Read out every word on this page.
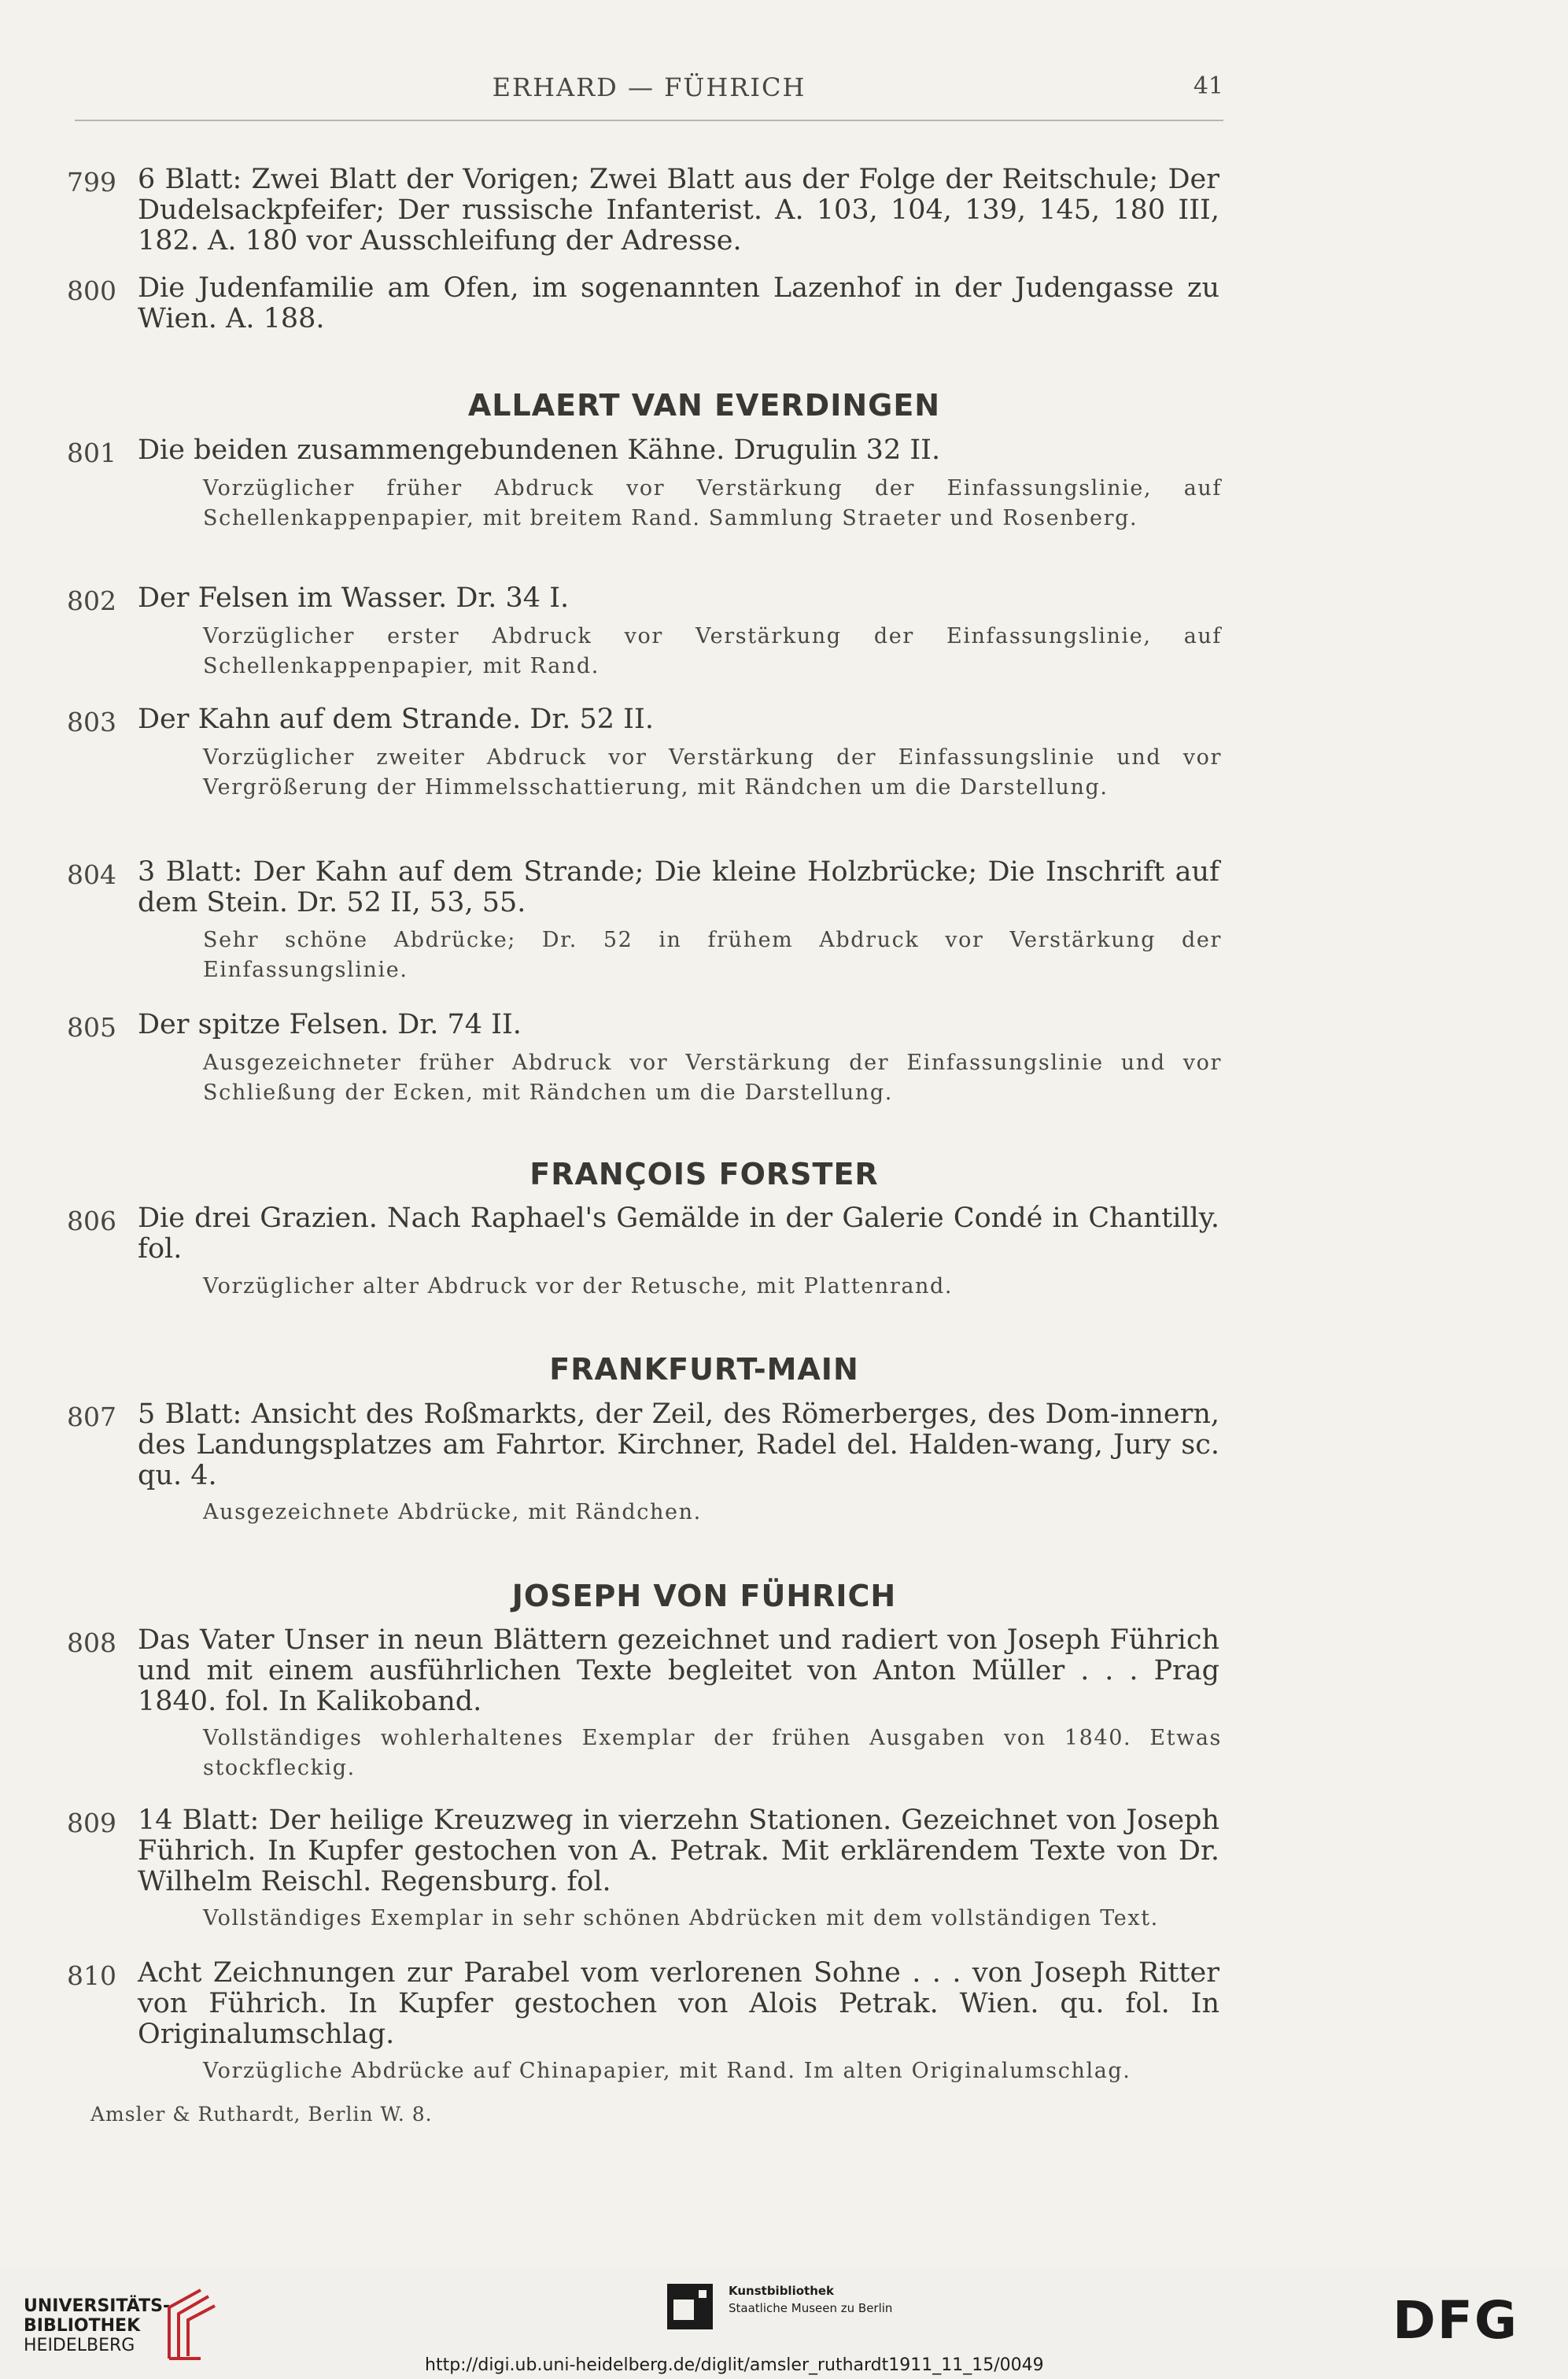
ERHARD — FÜHRICH	41
799 6 Blatt: Zwei Blatt der Vorigen; Zwei Blatt aus der Folge der Reitschule; Der Dudelsackpfeifer; Der russische Infanterist. A. 103, 104, 139, 145, 180 III, 182. A. 180 vor Ausschleifung der Adresse.
800 Die Judenfamilie am Ofen, im sogenannten Lazenhof in der Judengasse zu Wien. A. 188.
ALLAERT VAN EVERDINGEN
801 Die beiden zusammengebundenen Kähne. Drugulin 32 II.
Vorzüglicher früher Abdruck vor Verstärkung der Einfassungslinie, auf Schellenkappenpapier, mit breitem Rand. Sammlung Straeter und Rosenberg.
802 Der Felsen im Wasser. Dr. 34 I.
Vorzüglicher erster Abdruck vor Verstärkung der Einfassungslinie, auf Schellenkappenpapier, mit Rand.
803 Der Kahn auf dem Strande. Dr. 52 II.
Vorzüglicher zweiter Abdruck vor Verstärkung der Einfassungslinie und vor Vergrößerung der Himmelsschattierung, mit Rändchen um die Darstellung.
804 3 Blatt: Der Kahn auf dem Strande; Die kleine Holzbrücke; Die Inschrift auf dem Stein. Dr. 52 II, 53, 55.
Sehr schöne Abdrücke; Dr. 52 in frühem Abdruck vor Verstärkung der Einfassungslinie.
805 Der spitze Felsen. Dr. 74 II.
Ausgezeichneter früher Abdruck vor Verstärkung der Einfassungslinie und vor Schließung der Ecken, mit Rändchen um die Darstellung.
FRANÇOIS FORSTER
806 Die drei Grazien. Nach Raphael's Gemälde in der Galerie Condé in Chantilly. fol.
Vorzüglicher alter Abdruck vor der Retusche, mit Plattenrand.
FRANKFURT-MAIN
807 5 Blatt: Ansicht des Roßmarkts, der Zeil, des Römerberges, des Dom-innern, des Landungsplatzes am Fahrtor. Kirchner, Radel del. Halden-wang, Jury sc. qu. 4.
Ausgezeichnete Abdrücke, mit Rändchen.
JOSEPH VON FÜHRICH
808 Das Vater Unser in neun Blättern gezeichnet und radiert von Joseph Führich und mit einem ausführlichen Texte begleitet von Anton Müller . . . Prag 1840. fol. In Kalikoband.
Vollständiges wohlerhaltenes Exemplar der frühen Ausgaben von 1840. Etwas stockfleckig.
809 14 Blatt: Der heilige Kreuzweg in vierzehn Stationen. Gezeichnet von Joseph Führich. In Kupfer gestochen von A. Petrak. Mit erklärendem Texte von Dr. Wilhelm Reischl. Regensburg. fol.
Vollständiges Exemplar in sehr schönen Abdrücken mit dem vollständigen Text.
810 Acht Zeichnungen zur Parabel vom verlorenen Sohne . . . von Joseph Ritter von Führich. In Kupfer gestochen von Alois Petrak. Wien. qu. fol. In Originalumschlag.
Vorzügliche Abdrücke auf Chinapapier, mit Rand. Im alten Originalumschlag.
Amsler & Ruthardt, Berlin W. 8.
UNIVERSITÄTS-
BIBLIOTHEK
HEIDELBERG
Kunstbibliothek
Staatliche Museen zu Berlin	DFG
http://digi.ub.uni-heidelberg.de/diglit/amsler_ruthardt1911_11_15/0049
